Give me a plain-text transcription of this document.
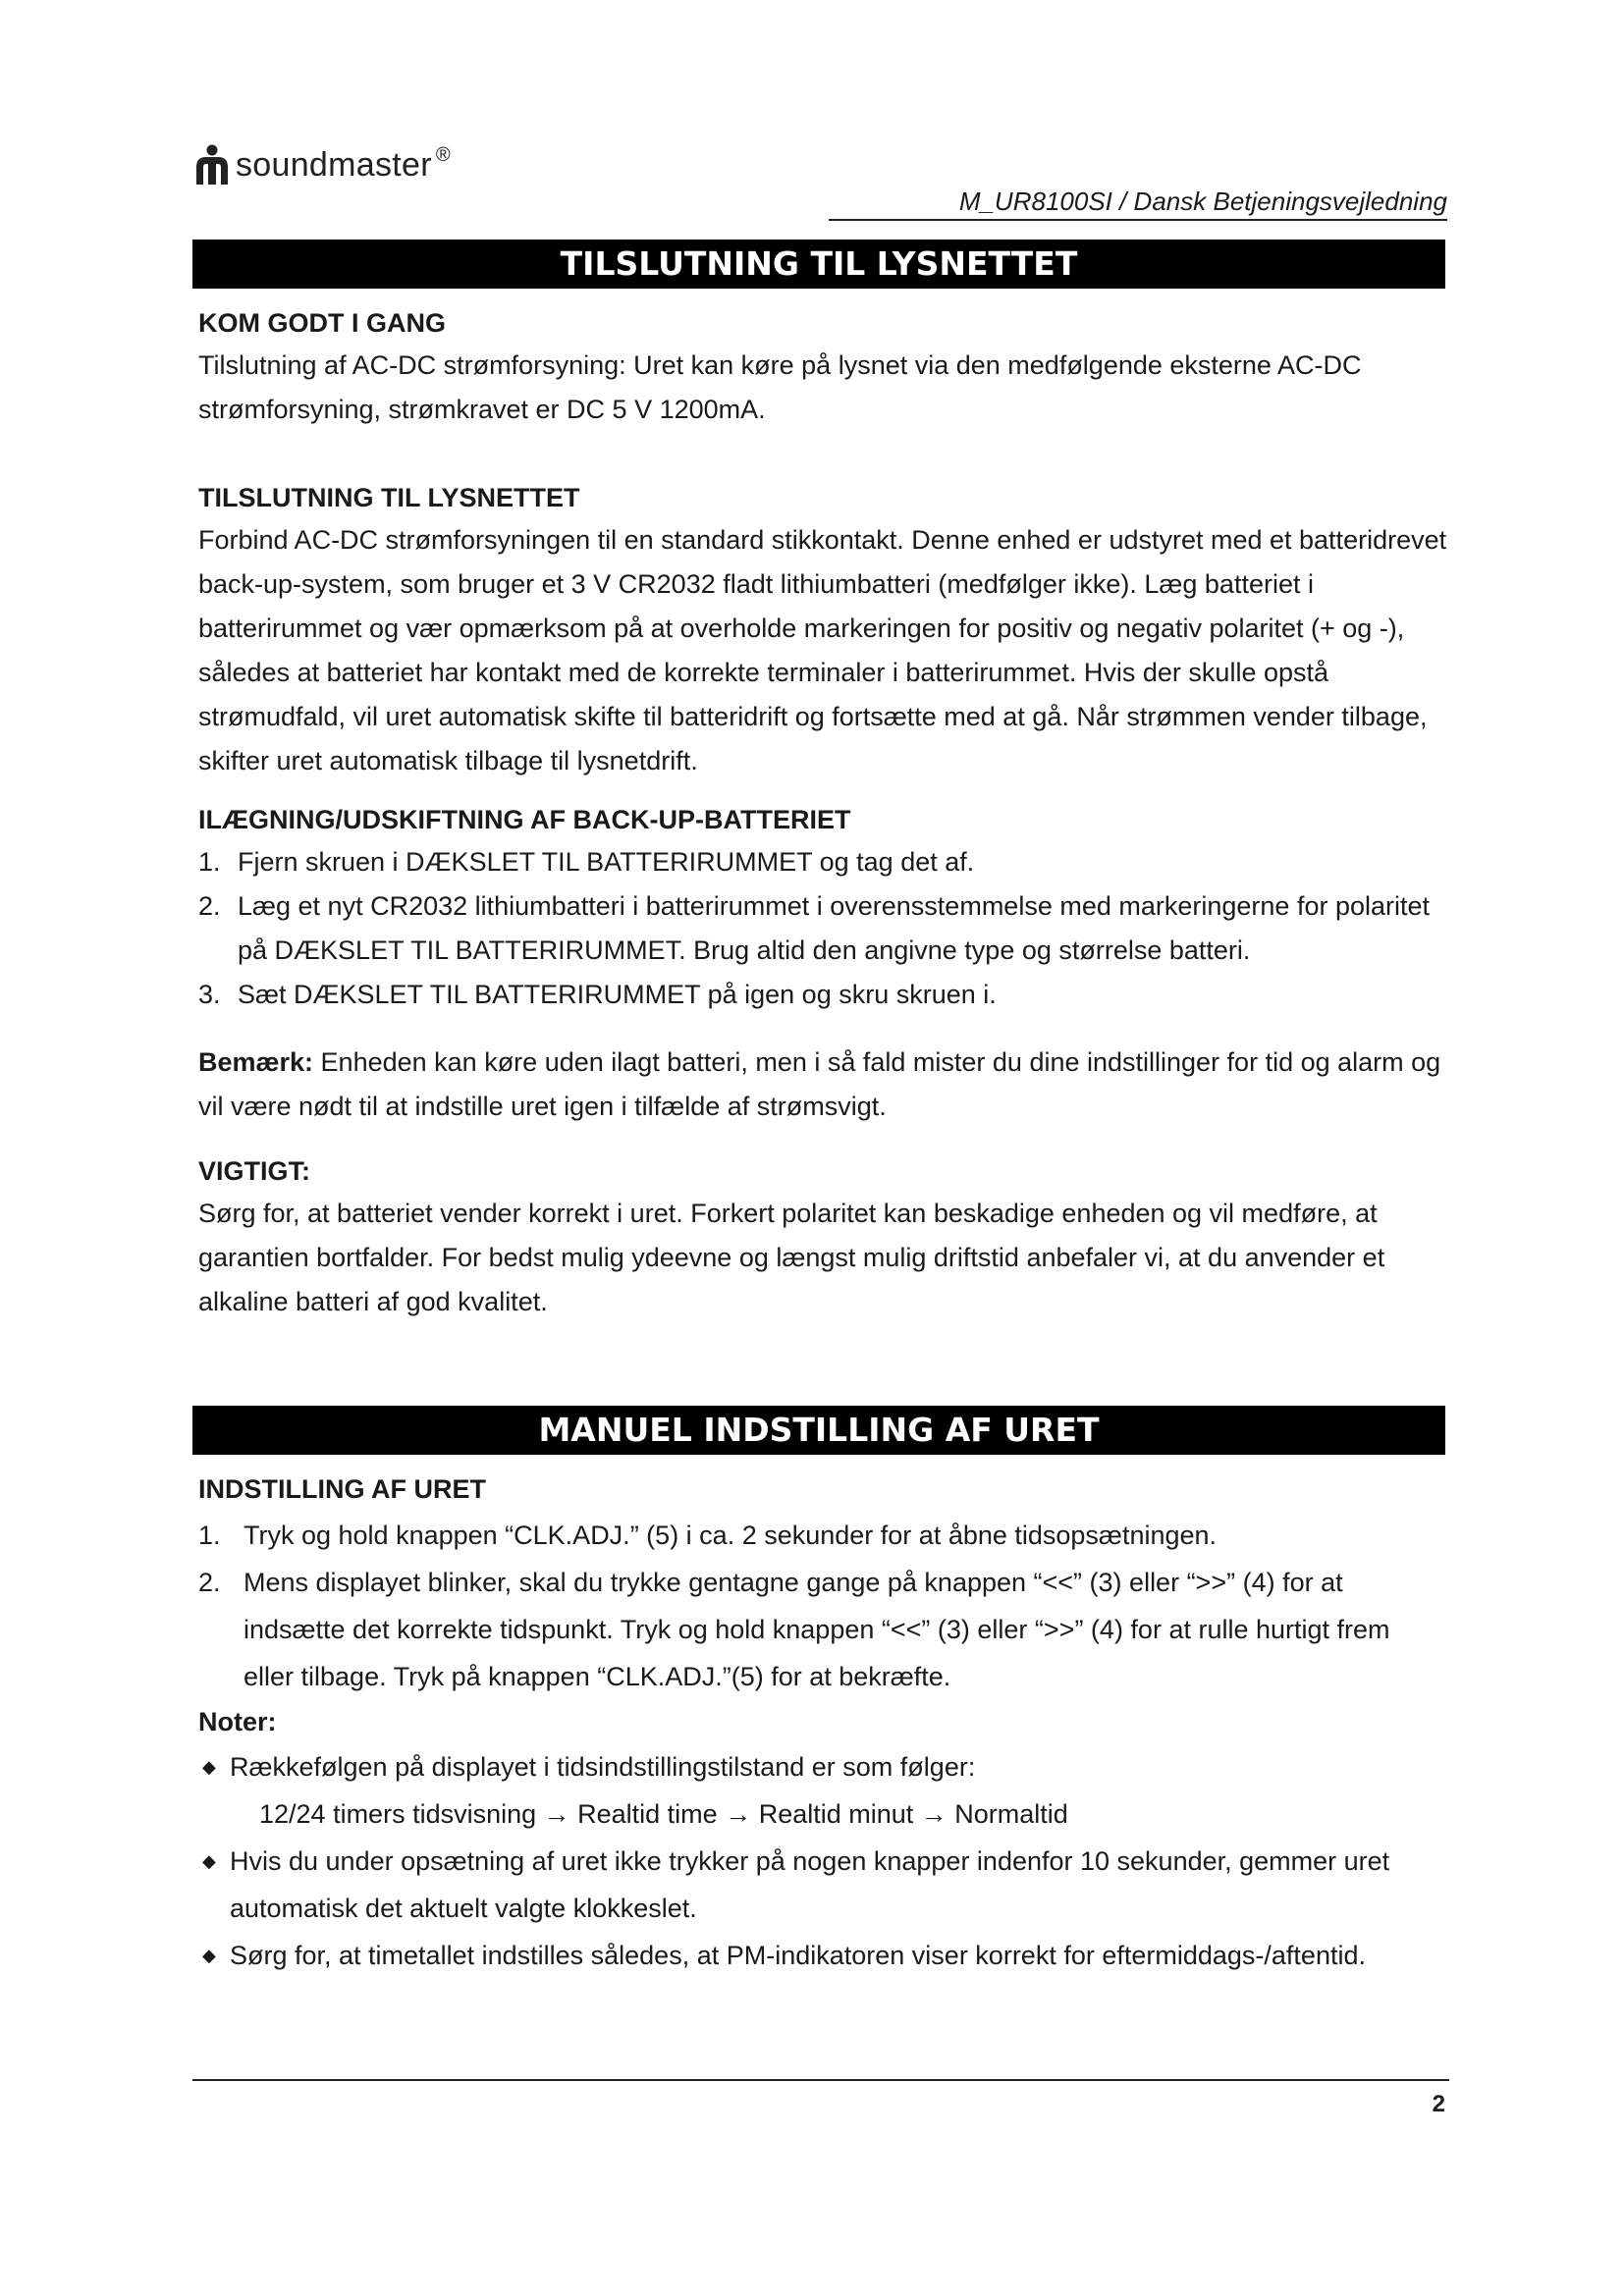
soundmaster ®
M_UR8100SI / Dansk Betjeningsvejledning
TILSLUTNING TIL LYSNETTET
KOM GODT I GANG

Tilslutning af AC-DC strømforsyning: Uret kan køre på lysnet via den medfølgende eksterne AC-DC strømforsyning, strømkravet er DC 5 V 1200mA.

TILSLUTNING TIL LYSNETTET

Forbind AC-DC strømforsyningen til en standard stikkontakt. Denne enhed er udstyret med et batteridrevet back-up-system, som bruger et 3 V CR2032 fladt lithiumbatteri (medfølger ikke). Læg batteriet i batterirummet og vær opmærksom på at overholde markeringen for positiv og negativ polaritet (+ og -), således at batteriet har kontakt med de korrekte terminaler i batterirummet. Hvis der skulle opstå strømudfald, vil uret automatisk skifte til batteridrift og fortsætte med at gå. Når strømmen vender tilbage, skifter uret automatisk tilbage til lysnetdrift.

ILÆGNING/UDSKIFTNING AF BACK-UP-BATTERIET
1. Fjern skruen i DÆKSLET TIL BATTERIRUMMET og tag det af.
2. Læg et nyt CR2032 lithiumbatteri i batterirummet i overensstemmelse med markeringerne for polaritet på DÆKSLET TIL BATTERIRUMMET. Brug altid den angivne type og størrelse batteri.
3. Sæt DÆKSLET TIL BATTERIRUMMET på igen og skru skruen i.

Bemærk: Enheden kan køre uden ilagt batteri, men i så fald mister du dine indstillinger for tid og alarm og vil være nødt til at indstille uret igen i tilfælde af strømsvigt.

VIGTIGT:

Sørg for, at batteriet vender korrekt i uret. Forkert polaritet kan beskadige enheden og vil medføre, at garantien bortfalder. For bedst mulig ydeevne og længst mulig driftstid anbefaler vi, at du anvender et alkaline batteri af god kvalitet.

MANUEL INDSTILLING AF URET
INDSTILLING AF URET
1. Tryk og hold knappen “CLK.ADJ.” (5) i ca. 2 sekunder for at åbne tidsopsætningen.
2. Mens displayet blinker, skal du trykke gentagne gange på knappen “<<” (3) eller “>>” (4) for at indsætte det korrekte tidspunkt. Tryk og hold knappen “<<” (3) eller “>>” (4) for at rulle hurtigt frem eller tilbage. Tryk på knappen “CLK.ADJ.”(5) for at bekræfte.
Noter:
◆ Rækkefølgen på displayet i tidsindstillingstilstand er som følger:
12/24 timers tidsvisning → Realtid time → Realtid minut → Normaltid
◆ Hvis du under opsætning af uret ikke trykker på nogen knapper indenfor 10 sekunder, gemmer uret automatisk det aktuelt valgte klokkeslet.
◆ Sørg for, at timetallet indstilles således, at PM-indikatoren viser korrekt for eftermiddags-/aftentid.
2
